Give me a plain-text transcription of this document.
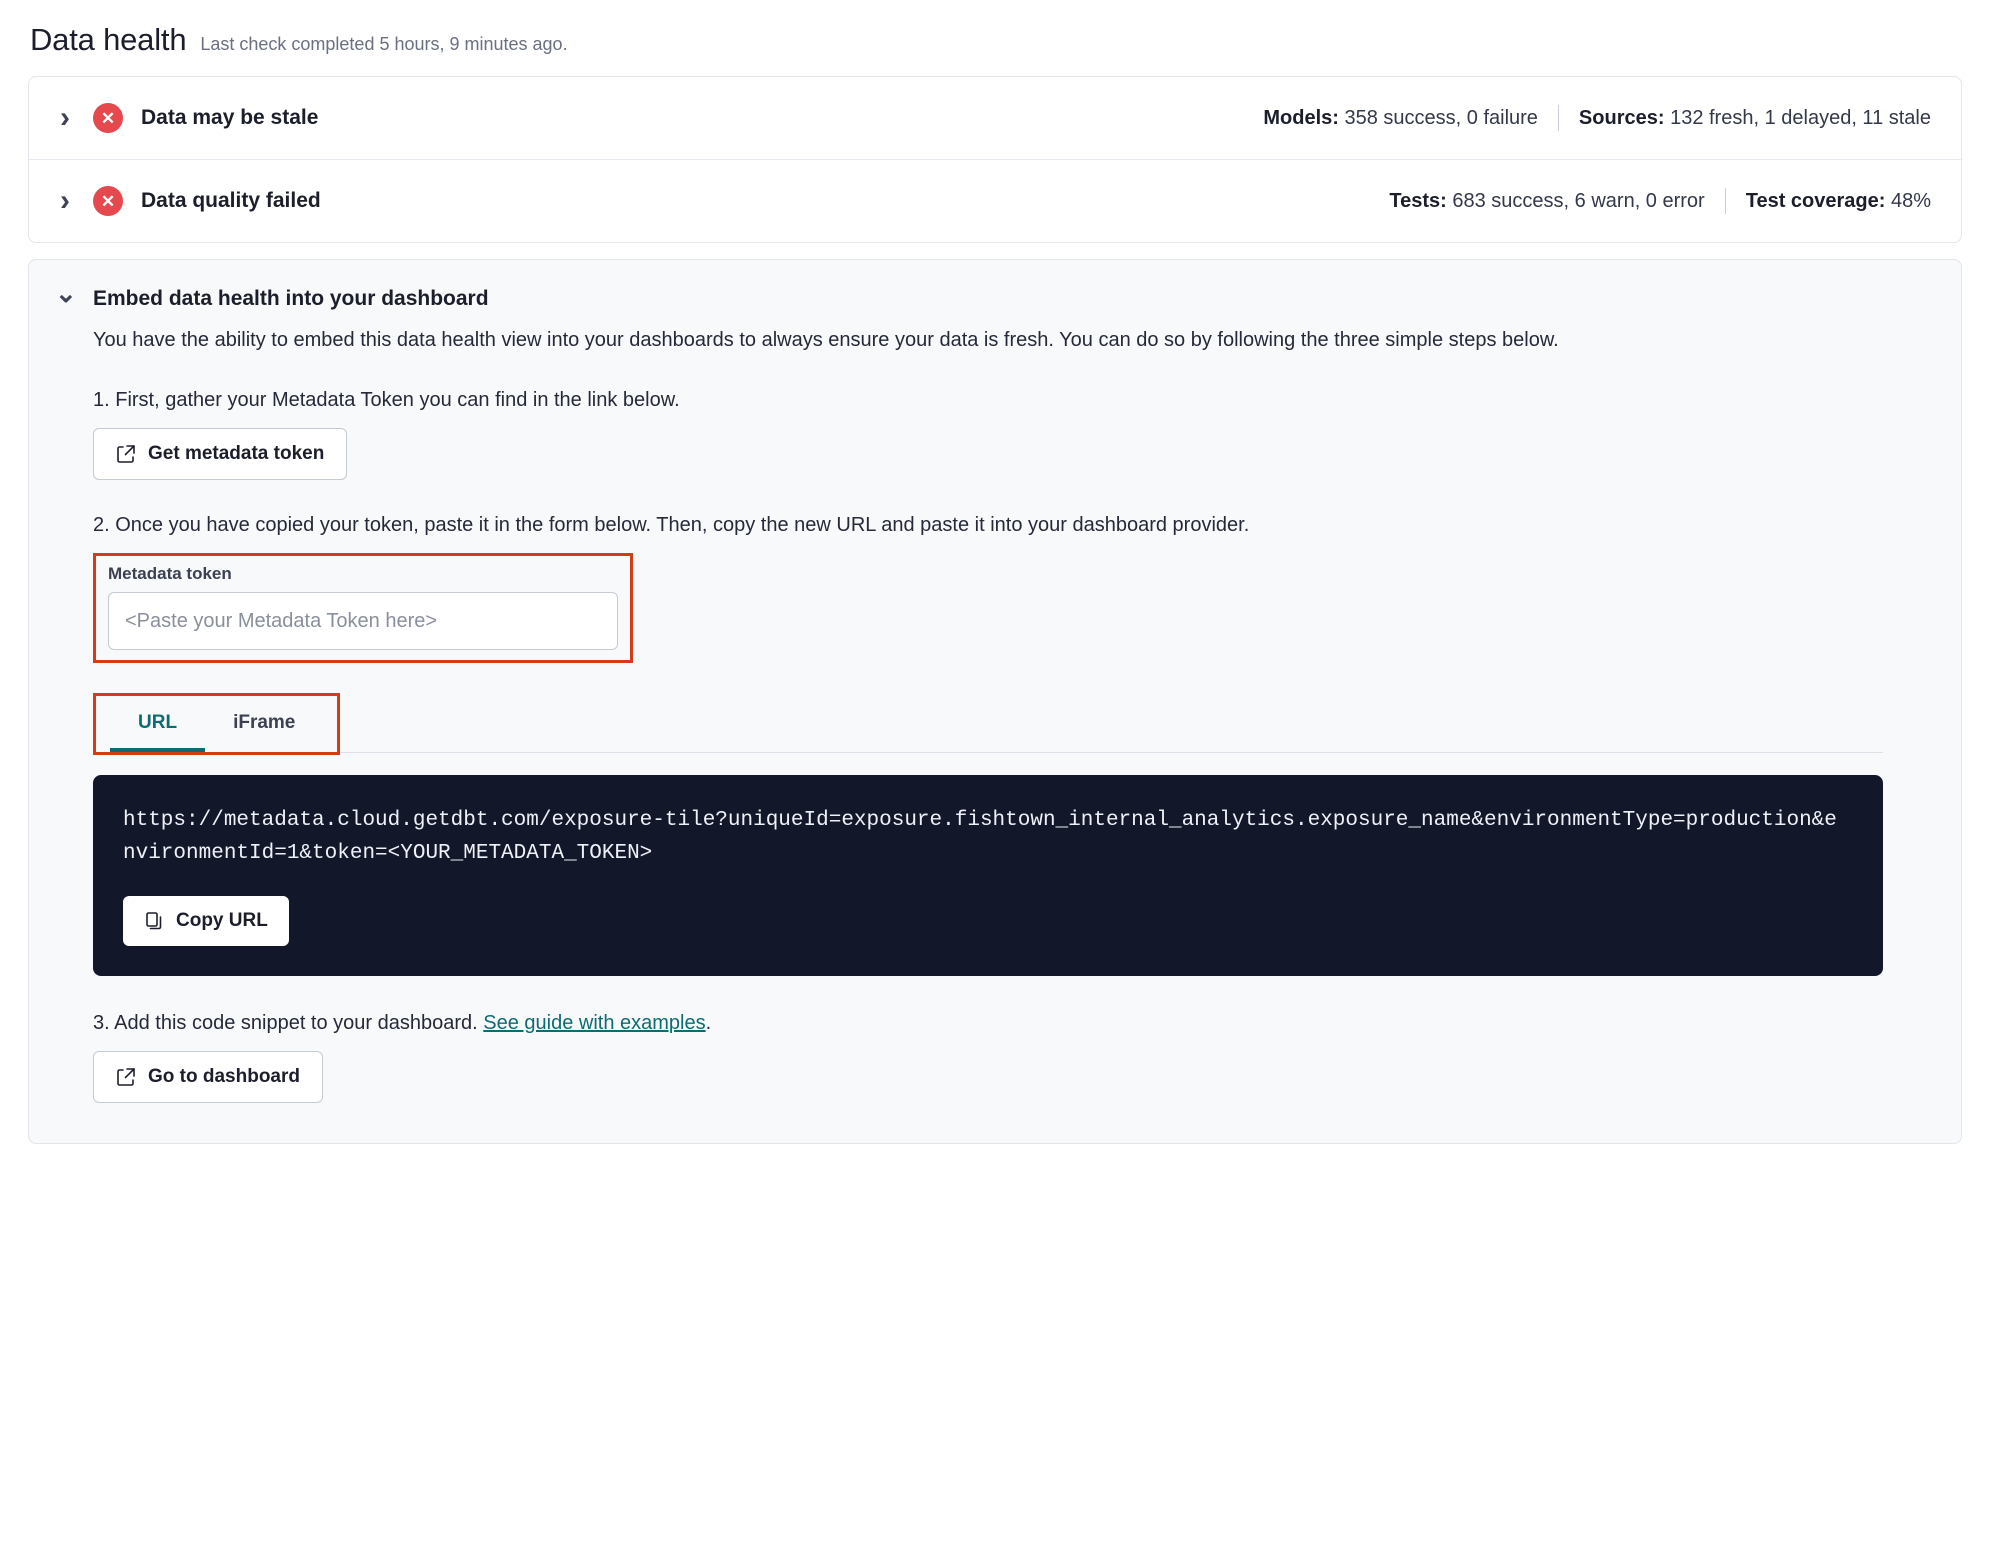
Data health Last check completed 5 hours, 9 minutes ago.
›
✕	Data may be stale	Models: 358 success, 0 failure Sources: 132 fresh, 1 delayed, 11 stale
›
✕	Data quality failed	Tests: 683 success, 6 warn, 0 error Test coverage: 48%
⌄
Embed data health into your dashboard

You have the ability to embed this data health view into your dashboards to always ensure your data is fresh. You can do so by following the three simple steps below.

1. First, gather your Metadata Token you can find in the link below.

Get metadata token

2. Once you have copied your token, paste it in the form below. Then, copy the new URL and paste it into your dashboard provider.

Metadata token
<Paste your Metadata Token here>
URL	iFrame

https://metadata.cloud.getdbt.com/exposure-tile?uniqueId=exposure.fishtown_internal_analytics.exposure_name&environmentType=production&environmentId=1&token=<YOUR_METADATA_TOKEN>

Copy URL

3. Add this code snippet to your dashboard. See guide with examples.

Go to dashboard
